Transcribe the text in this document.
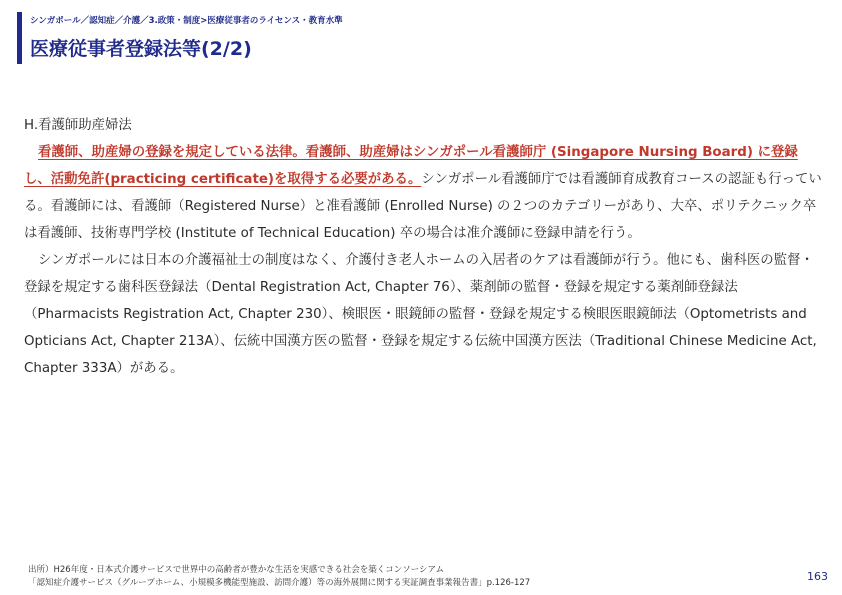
シンガポール／認知症／介護／3.政策・制度>医療従事者のライセンス・教育水準
医療従事者登録法等(2/2)
H.看護師助産婦法
看護師、助産婦の登録を規定している法律。看護師、助産婦はシンガポール看護師庁 (Singapore Nursing Board) に登録し、活動免許(practicing certificate)を取得する必要がある。シンガポール看護師庁では看護師育成教育コースの認証も行っている。看護師には、看護師（Registered Nurse）と准看護師 (Enrolled Nurse) の２つのカテゴリーがあり、大卒、ポリテクニック卒は看護師、技術専門学校 (Institute of Technical Education) 卒の場合は准介護師に登録申請を行う。
シンガポールには日本の介護福祉士の制度はなく、介護付き老人ホームの入居者のケアは看護師が行う。他にも、歯科医の監督・登録を規定する歯科医登録法（Dental Registration Act, Chapter 76）、薬剤師の監督・登録を規定する薬剤師登録法（Pharmacists Registration Act, Chapter 230）、検眼医・眼鏡師の監督・登録を規定する検眼医眼鏡師法（Optometrists and Opticians Act, Chapter 213A）、伝統中国漢方医の監督・登録を規定する伝統中国漢方医法（Traditional Chinese Medicine Act, Chapter 333A）がある。
出所）H26年度・日本式介護サービスで世界中の高齢者が豊かな生活を実感できる社会を築くコンソーシアム
「認知症介護サービス（グループホーム、小規模多機能型施設、訪問介護）等の海外展開に関する実証調査事業報告書」p.126-127	163
